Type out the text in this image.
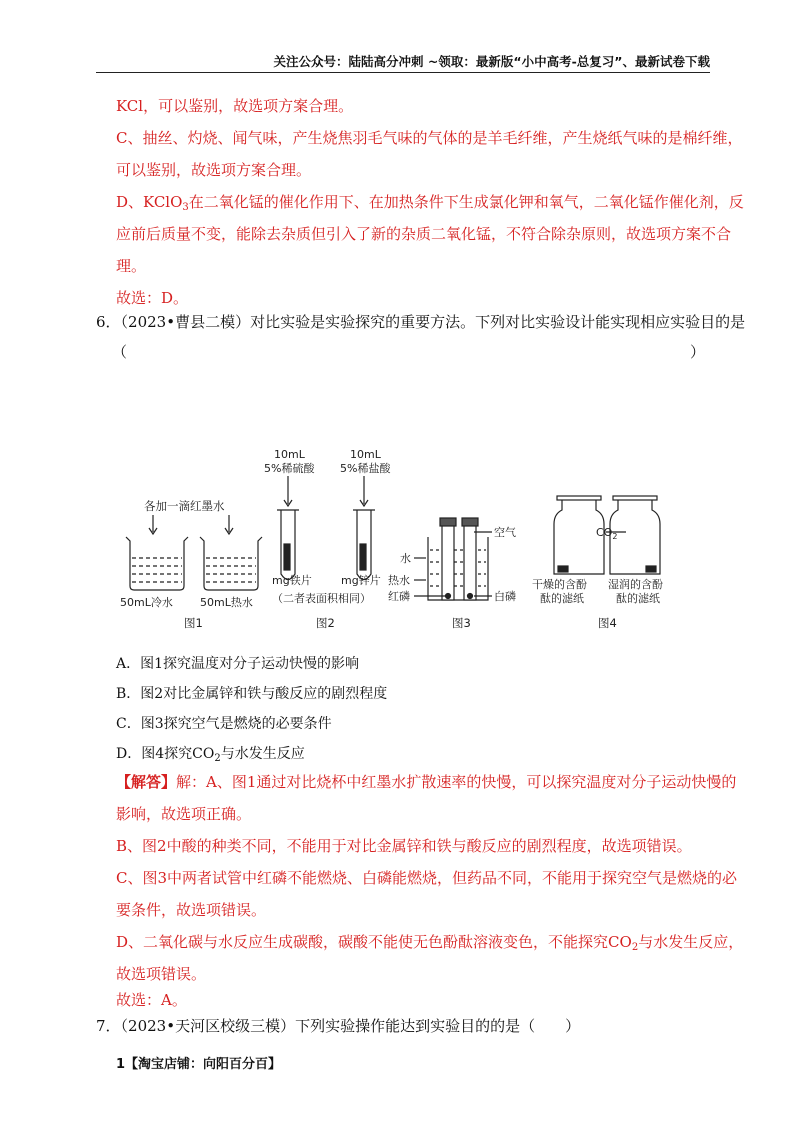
关注公众号：陆陆高分冲刺 ~领取：最新版“小中高考-总复习”、最新试卷下载
KCl，可以鉴别，故选项方案合理。
C、抽丝、灼烧、闻气味，产生烧焦羽毛气味的气体的是羊毛纤维，产生烧纸气味的是棉纤维，
可以鉴别，故选项方案合理。
D、KClO$_3$在二氧化锰的催化作用下、在加热条件下生成氯化钾和氧气，二氧化锰作催化剂，反
应前后质量不变，能除去杂质但引入了新的杂质二氧化锰，不符合除杂原则，故选项方案不合
理。
故选：D。
6．（2023•曹县二模）对比实验是实验探究的重要方法。下列对比实验设计能实现相应实验目的是
（	）
各加一滴红墨水
50mL冷水 50mL热水
图1
10mL
5%稀硫酸
10mL
5%稀盐酸
mg铁片	mg锌片
（二者表面积相同）
图2
空气
水
热水
红磷	白磷
图3
$CO_2$
干燥的含酚
酞的滤纸
湿润的含酚
酞的滤纸
图4
A．图1探究温度对分子运动快慢的影响
B．图2对比金属锌和铁与酸反应的剧烈程度
C．图3探究空气是燃烧的必要条件
D．图4探究$CO_2$与水发生反应
【解答】解：A、图1通过对比烧杯中红墨水扩散速率的快慢，可以探究温度对分子运动快慢的
影响，故选项正确。
B、图2中酸的种类不同，不能用于对比金属锌和铁与酸反应的剧烈程度，故选项错误。
C、图3中两者试管中红磷不能燃烧、白磷能燃烧，但药品不同，不能用于探究空气是燃烧的必
要条件，故选项错误。
D、二氧化碳与水反应生成碳酸，碳酸不能使无色酚酞溶液变色，不能探究$CO_2$与水发生反应，
故选项错误。
故选：A。
7．（2023•天河区校级三模）下列实验操作能达到实验目的的是（　　）
1【淘宝店铺：向阳百分百】
